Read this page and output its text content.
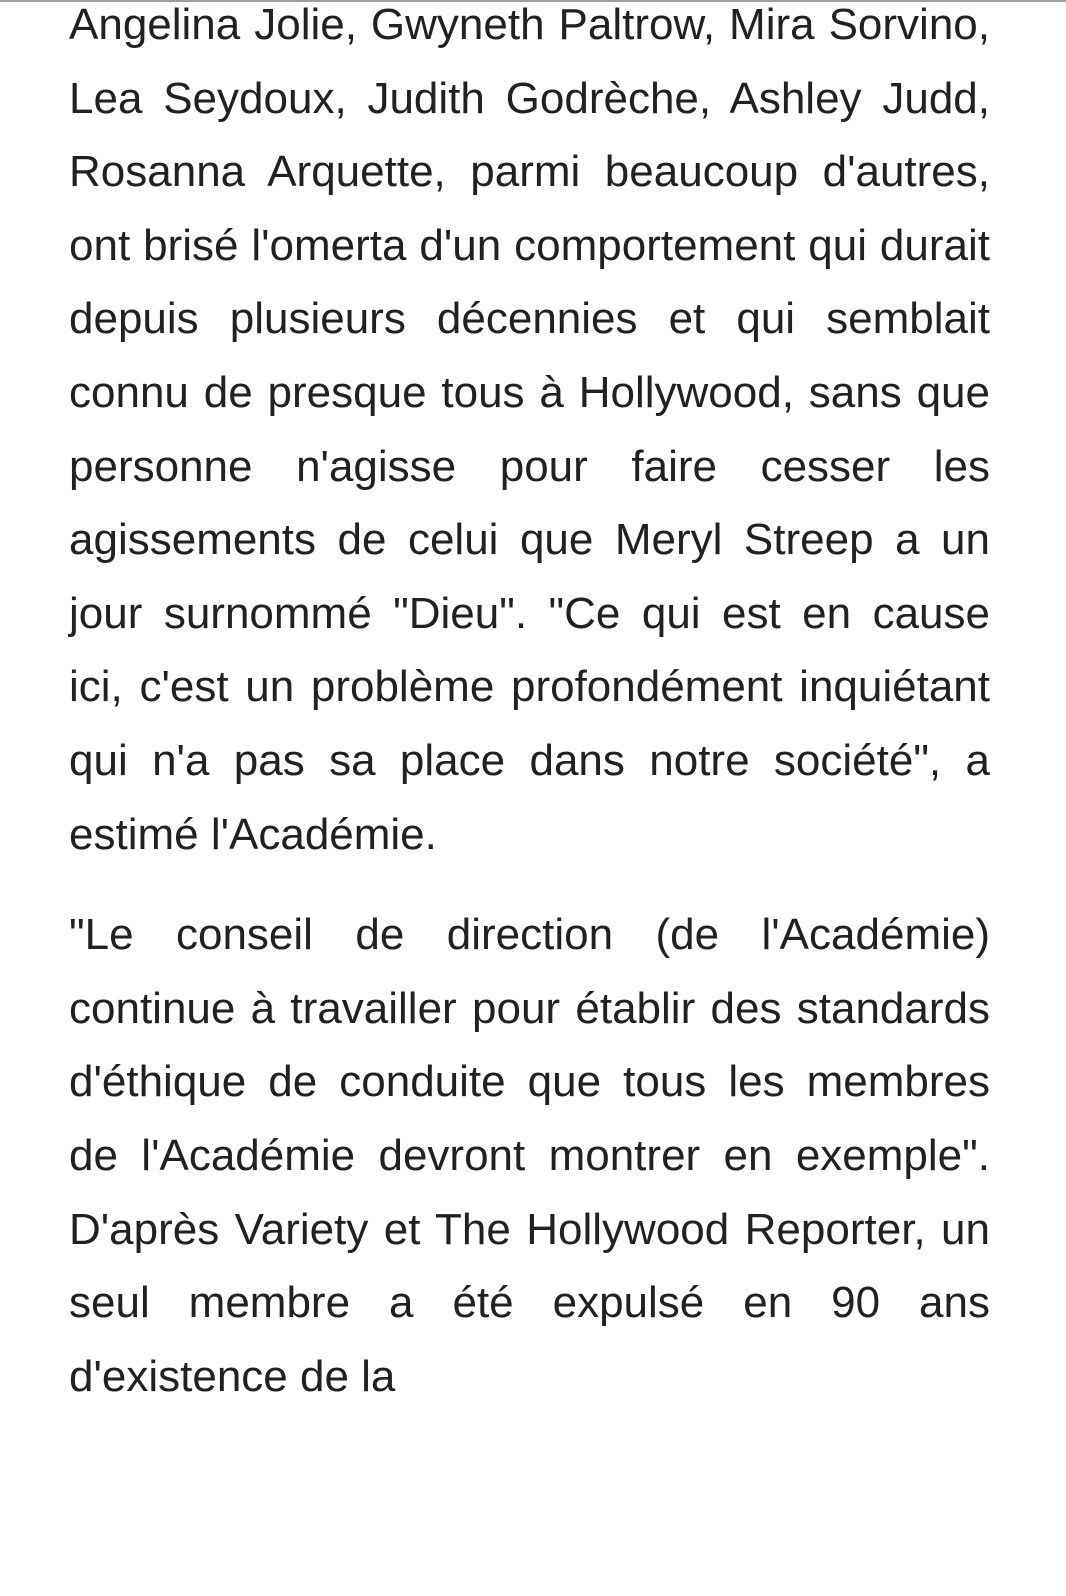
Angelina Jolie, Gwyneth Paltrow, Mira Sorvino, Lea Seydoux, Judith Godrèche, Ashley Judd, Rosanna Arquette, parmi beaucoup d'autres, ont brisé l'omerta d'un comportement qui durait depuis plusieurs décennies et qui semblait connu de presque tous à Hollywood, sans que personne n'agisse pour faire cesser les agissements de celui que Meryl Streep a un jour surnommé "Dieu". "Ce qui est en cause ici, c'est un problème profondément inquiétant qui n'a pas sa place dans notre société", a estimé l'Académie.

"Le conseil de direction (de l'Académie) continue à travailler pour établir des standards d'éthique de conduite que tous les membres de l'Académie devront montrer en exemple". D'après Variety et The Hollywood Reporter, un seul membre a été expulsé en 90 ans d'existence de la
